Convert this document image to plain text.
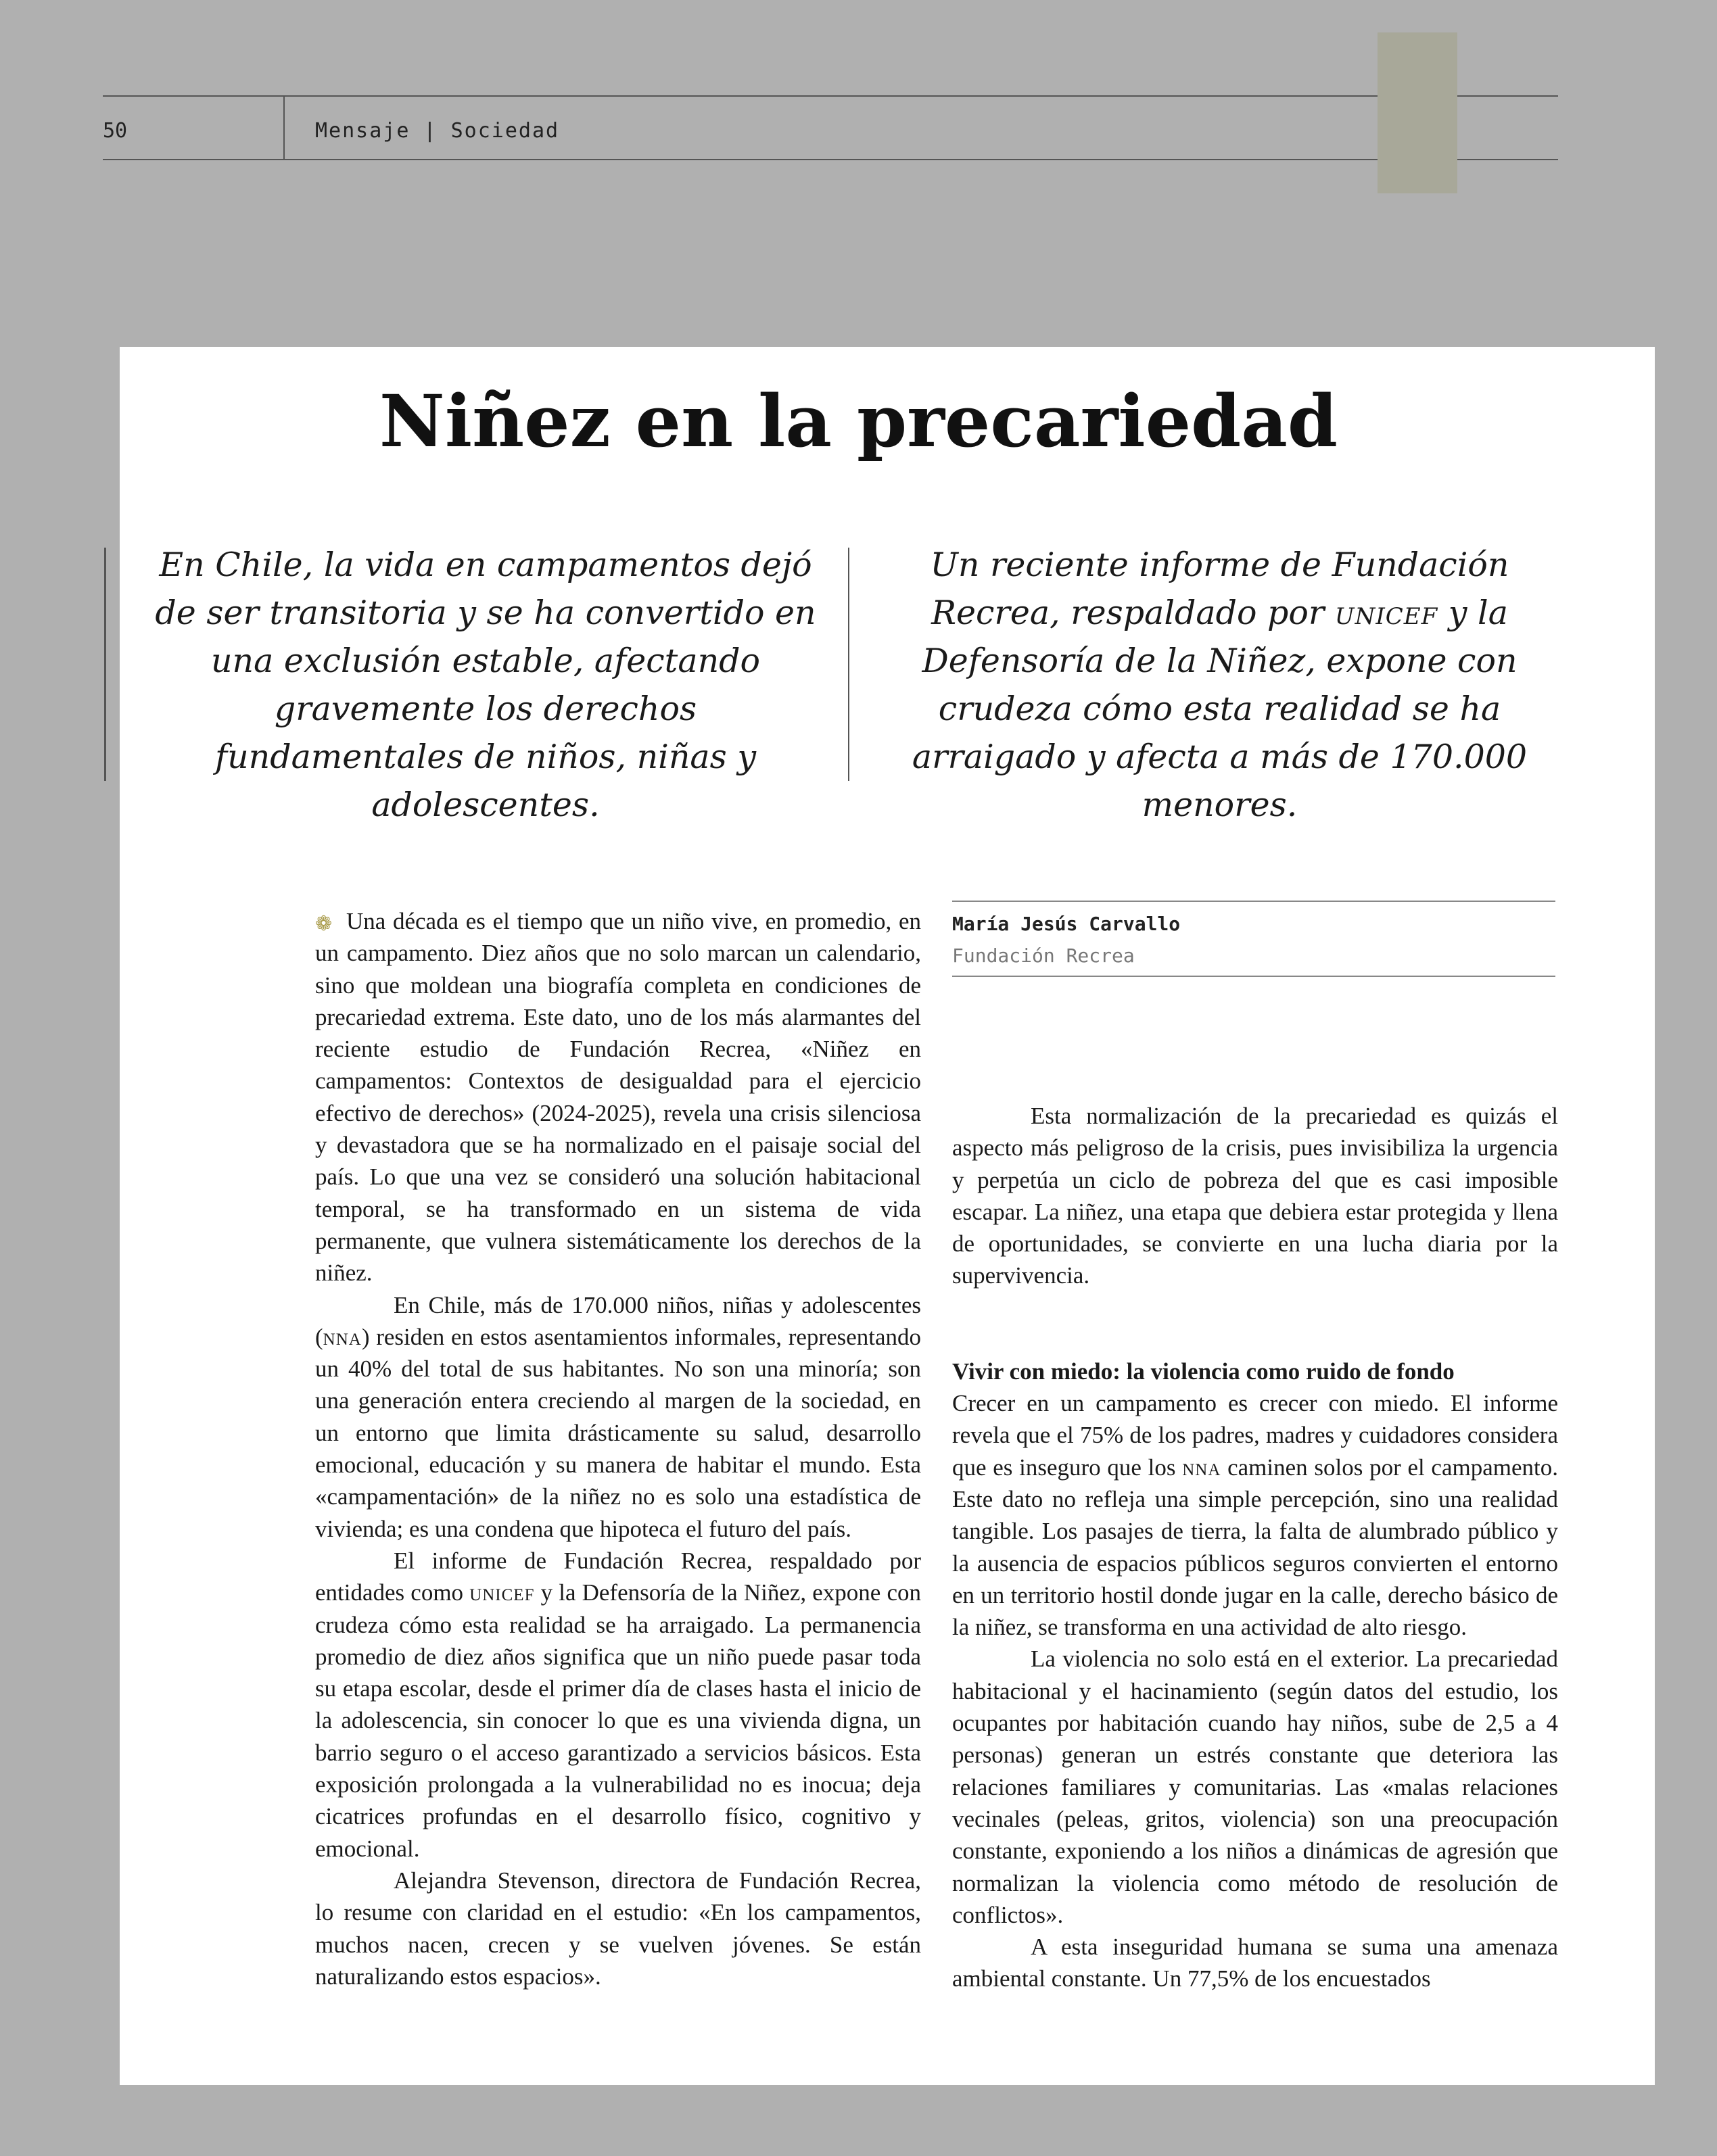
50	Mensaje | Sociedad
Niñez en la precariedad
En Chile, la vida en campamentos dejó de ser transitoria y se ha convertido en una exclusión estable, afectando gravemente los derechos fundamentales de niños, niñas y adolescentes.
Un reciente informe de Fundación Recrea, respaldado por unicef y la Defensoría de la Niñez, expone con crudeza cómo esta realidad se ha arraigado y afecta a más de 170.000 menores.
María Jesús Carvallo
Fundación Recrea
❁ Una década es el tiempo que un niño vive, en promedio, en un campamento. Diez años que no solo marcan un calendario, sino que moldean una biografía completa en condiciones de precariedad extrema. Este dato, uno de los más alarmantes del reciente estudio de Fundación Recrea, «Niñez en campamentos: Contextos de desigualdad para el ejercicio efectivo de derechos» (2024-2025), revela una crisis silenciosa y devastadora que se ha normalizado en el paisaje social del país. Lo que una vez se consideró una solución habitacional temporal, se ha transformado en un sistema de vida permanente, que vulnera sistemáticamente los derechos de la niñez.

En Chile, más de 170.000 niños, niñas y adolescentes (nna) residen en estos asentamientos informales, representando un 40% del total de sus habitantes. No son una minoría; son una generación entera creciendo al margen de la sociedad, en un entorno que limita drásticamente su salud, desarrollo emocional, educación y su manera de habitar el mundo. Esta «campamentación» de la niñez no es solo una estadística de vivienda; es una condena que hipoteca el futuro del país.

El informe de Fundación Recrea, respaldado por entidades como unicef y la Defensoría de la Niñez, expone con crudeza cómo esta realidad se ha arraigado. La permanencia promedio de diez años significa que un niño puede pasar toda su etapa escolar, desde el primer día de clases hasta el inicio de la adolescencia, sin conocer lo que es una vivienda digna, un barrio seguro o el acceso garantizado a servicios básicos. Esta exposición prolongada a la vulnerabilidad no es inocua; deja cicatrices profundas en el desarrollo físico, cognitivo y emocional.

Alejandra Stevenson, directora de Fundación Recrea, lo resume con claridad en el estudio: «En los campamentos, muchos nacen, crecen y se vuelven jóvenes. Se están naturalizando estos espacios».

Esta normalización de la precariedad es quizás el aspecto más peligroso de la crisis, pues invisibiliza la urgencia y perpetúa un ciclo de pobreza del que es casi imposible escapar. La niñez, una etapa que debiera estar protegida y llena de oportunidades, se convierte en una lucha diaria por la supervivencia.

Vivir con miedo: la violencia como ruido de fondo

Crecer en un campamento es crecer con miedo. El informe revela que el 75% de los padres, madres y cuidadores considera que es inseguro que los nna caminen solos por el campamento. Este dato no refleja una simple percepción, sino una realidad tangible. Los pasajes de tierra, la falta de alumbrado público y la ausencia de espacios públicos seguros convierten el entorno en un territorio hostil donde jugar en la calle, derecho básico de la niñez, se transforma en una actividad de alto riesgo.

La violencia no solo está en el exterior. La precariedad habitacional y el hacinamiento (según datos del estudio, los ocupantes por habitación cuando hay niños, sube de 2,5 a 4 personas) generan un estrés constante que deteriora las relaciones familiares y comunitarias. Las «malas relaciones vecinales (peleas, gritos, violencia) son una preocupación constante, exponiendo a los niños a dinámicas de agresión que normalizan la violencia como método de resolución de conflictos».

A esta inseguridad humana se suma una amenaza ambiental constante. Un 77,5% de los encuestados
